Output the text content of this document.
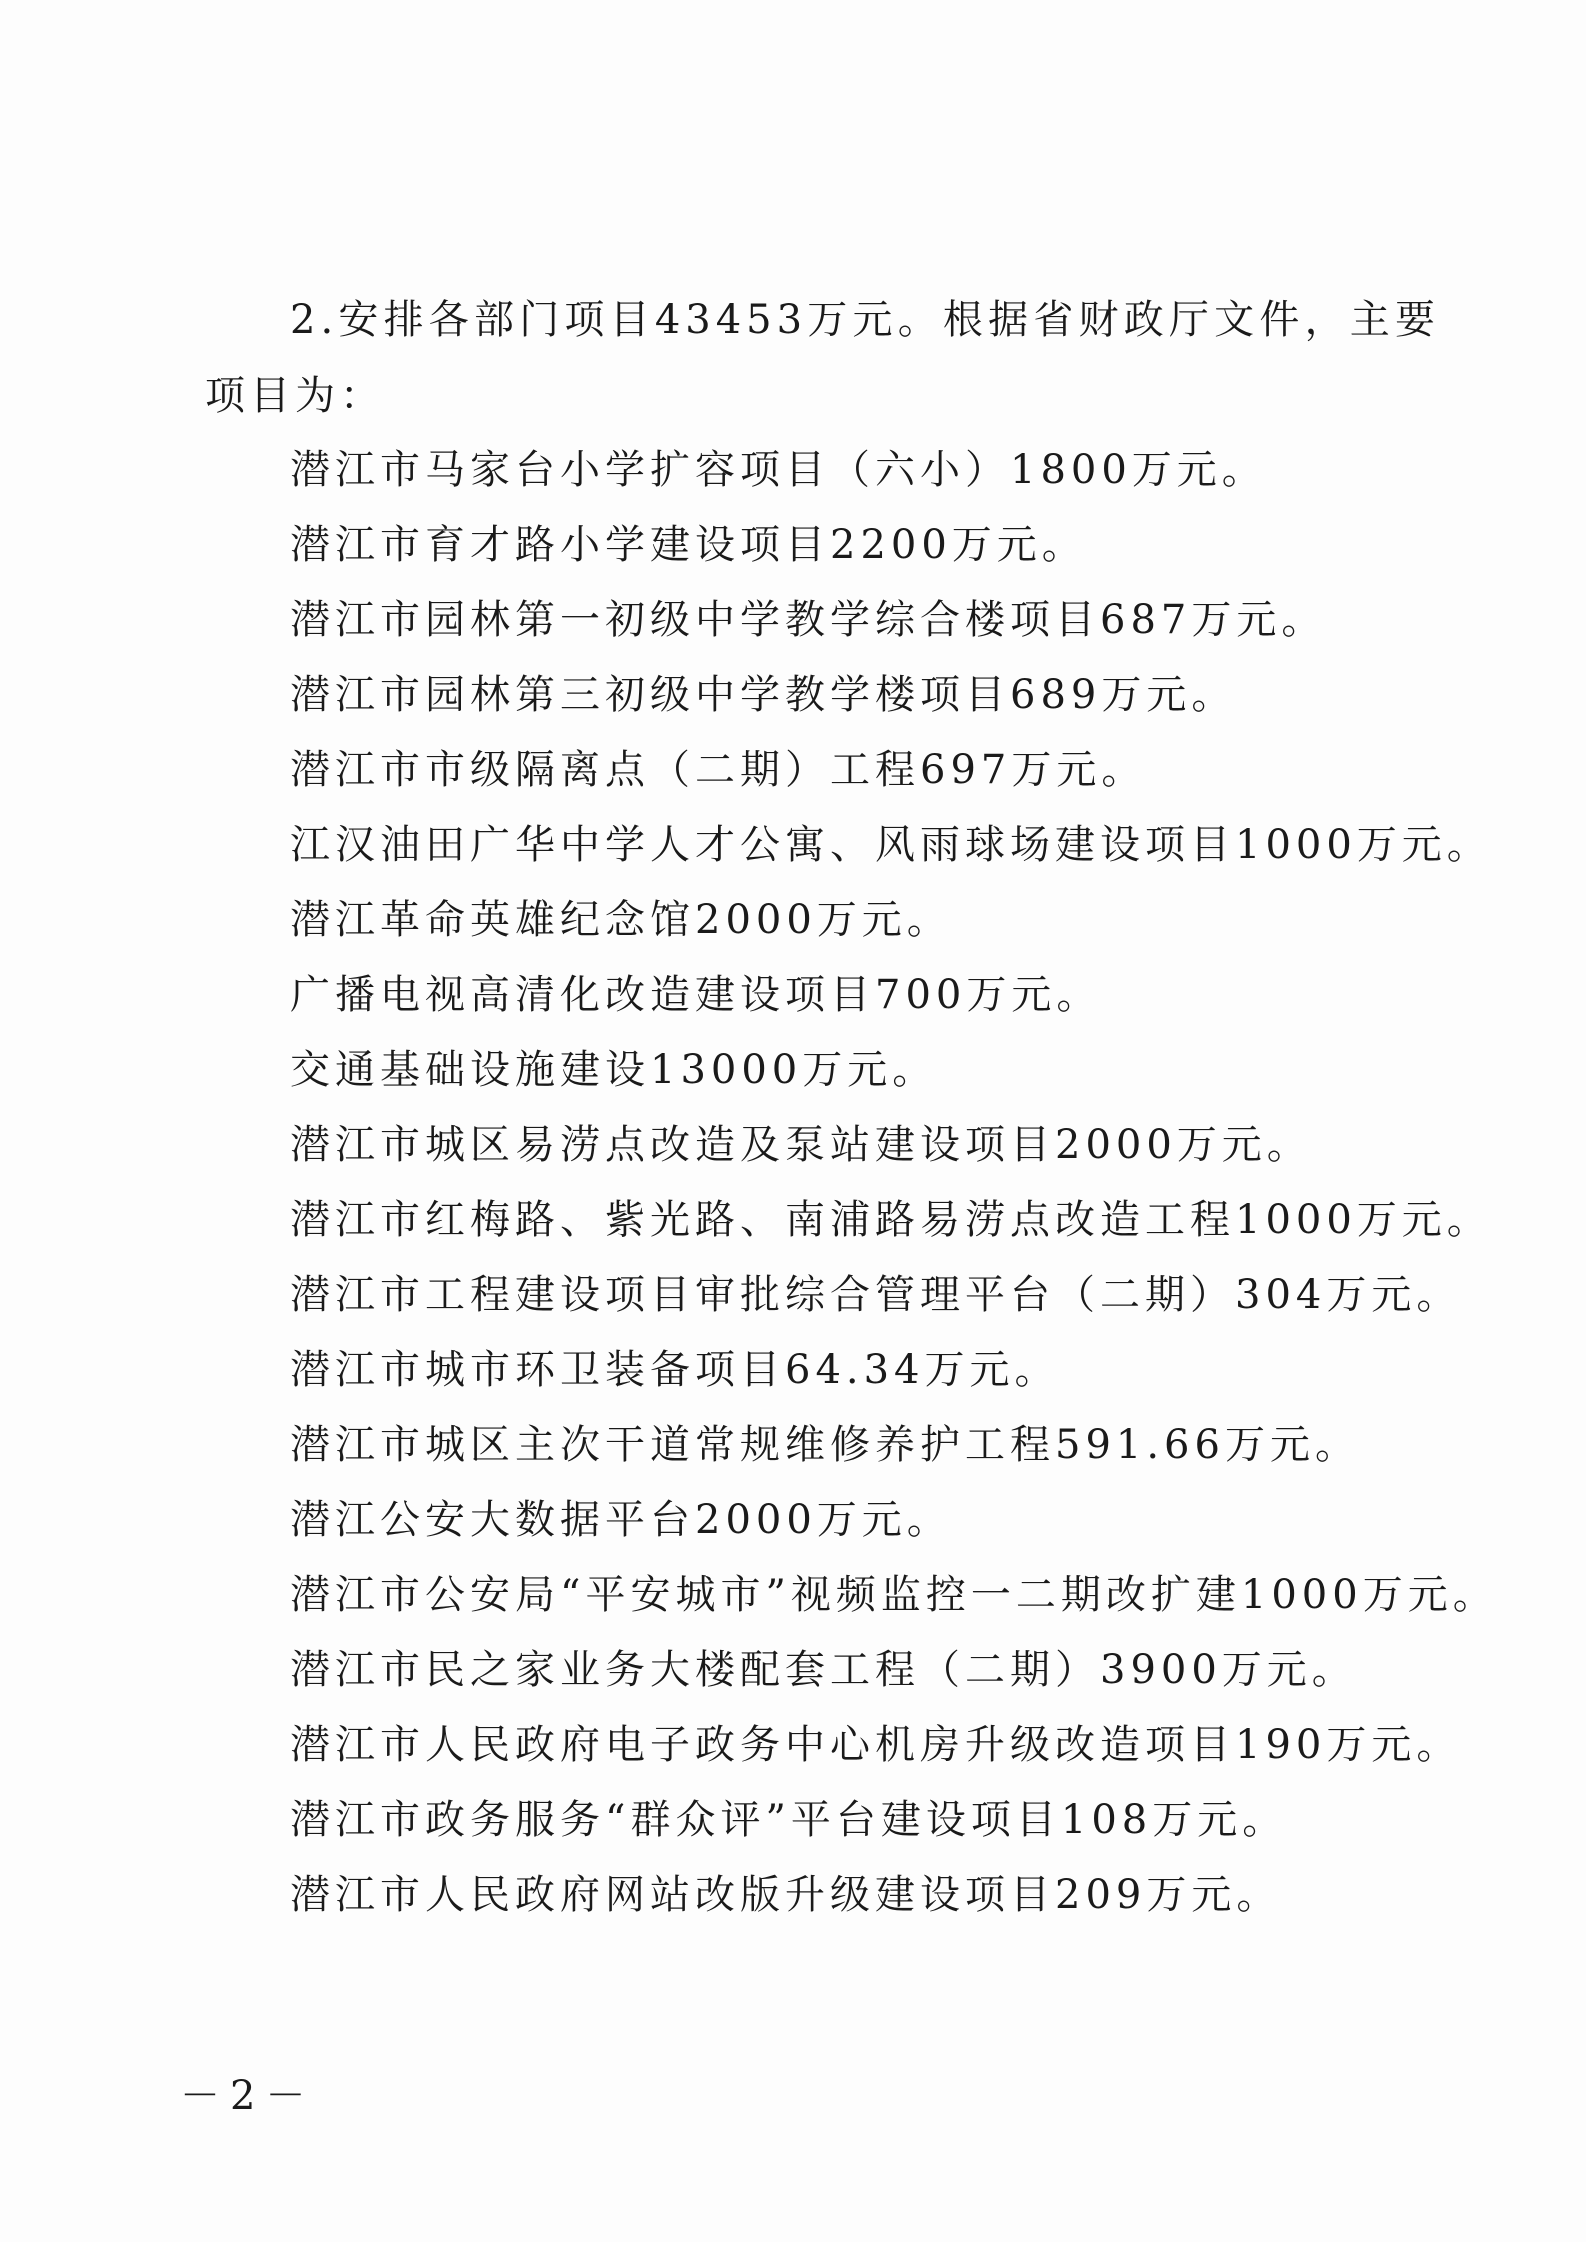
2.安排各部门项目43453万元。根据省财政厅文件，主要项目为：

潜江市马家台小学扩容项目（六小）1800万元。

潜江市育才路小学建设项目2200万元。

潜江市园林第一初级中学教学综合楼项目687万元。

潜江市园林第三初级中学教学楼项目689万元。

潜江市市级隔离点（二期）工程697万元。

江汉油田广华中学人才公寓、风雨球场建设项目1000万元。

潜江革命英雄纪念馆2000万元。

广播电视高清化改造建设项目700万元。

交通基础设施建设13000万元。

潜江市城区易涝点改造及泵站建设项目2000万元。

潜江市红梅路、紫光路、南浦路易涝点改造工程1000万元。

潜江市工程建设项目审批综合管理平台（二期）304万元。

潜江市城市环卫装备项目64.34万元。

潜江市城区主次干道常规维修养护工程591.66万元。

潜江公安大数据平台2000万元。

潜江市公安局“平安城市”视频监控一二期改扩建1000万元。

潜江市民之家业务大楼配套工程（二期）3900万元。

潜江市人民政府电子政务中心机房升级改造项目190万元。

潜江市政务服务“群众评”平台建设项目108万元。

潜江市人民政府网站改版升级建设项目209万元。

－2－
